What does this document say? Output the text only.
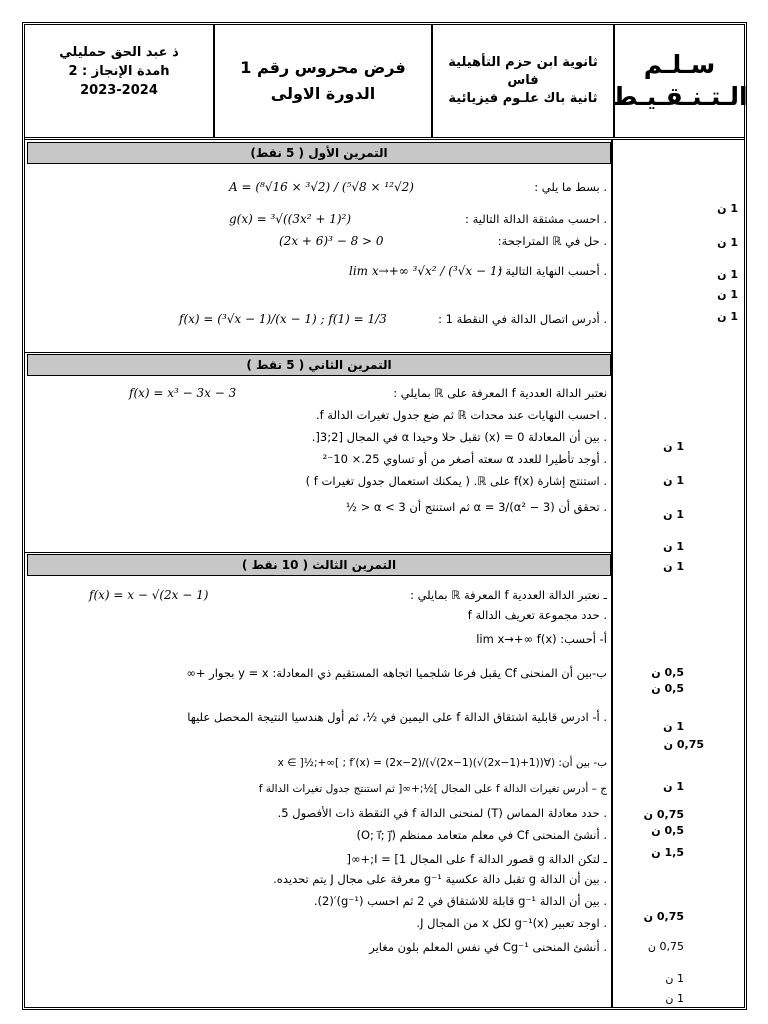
ذ عبد الحق حمليلي
مدة الإنجاز : 2h
2023-2024
فرض محروس رقم 1
الدورة الاولى
ثانوية ابن حزم التأهيلية
فاس
ثانية باك علـوم فيزيائية
سـلـم
الـتـنـقـيـط
التمرين الأول ( 5 نقط)
. بسط ما يلي :
A = (⁸√16 × ³√2) / (⁵√8 × ¹²√2)
. احسب مشتقة الدالة التالية :
g(x) = ³√((3x² + 1)²)
. حل في ℝ المتراجحة:
(2x + 6)³ − 8 > 0
. أحسب النهاية التالية :
lim x→+∞ ³√x² / (³√x − 1)
. أدرس اتصال الدالة في النقطة 1 :
f(x) = (³√x − 1)/(x − 1) ; f(1) = 1/3
التمرين الثاني ( 5 نقط )
نعتبر الدالة العددية f المعرفة على ℝ بمايلي :
f(x) = x³ − 3x − 3
. احسب النهايات عند محدات ℝ ثم ضع جدول تغيرات الدالة f.
. بين أن المعادلة 0 = (x) تقبل حلا وحيدا α في المجال [2;3[.
. أوجد تأطيرا للعدد α سعته أصغر من أو تساوي 25.× 10⁻²
. استنتج إشارة f(x) على ℝ. ( يمكنك استعمال جدول تغيرات f )
. تحقق أن α = 3/(α² − 3) ثم استنتج أن 3 > α < ½
التمرين الثالث ( 10 نقط )
ـ نعتبر الدالة العددية f المعرفة ℝ بمايلي :
f(x) = x − √(2x − 1)
. حدد مجموعة تعريف الدالة f
أ- أحسب: lim x→+∞ f(x)
ب-بين أن المنحنى Cf يقبل فرعا شلجميا اتجاهه المستقيم ذي المعادلة: y = x بجوار +∞
. أ- ادرس قابلية اشتقاق الدالة f على اليمين في ½، ثم أول هندسيا النتيجة المحصل عليها
ب- بين أن: (∀x ∈ ]½;+∞[ ; f′(x) = (2x−2)/(√(2x−1)(√(2x−1)+1))
ج – أدرس تغيرات الدالة f على المجال ]½;+∞[ ثم استنتج جدول تغيرات الدالة f
. حدد معادلة المماس (T) لمنحنى الدالة f في النقطة ذات الأفصول 5.
. أنشئ المنحنى Cf في معلم متعامد ممنظم (O; i⃗; j⃗)
ـ لتكن الدالة g قصور الدالة f على المجال I = [1;+∞[
. بين أن الدالة g تقبل دالة عكسية g⁻¹ معرفة على مجال J يتم تحديده.
. بين أن الدالة g⁻¹ قابلة للاشتقاق في 2 ثم احسب (g⁻¹)′(2).
. اوجد تعبير g⁻¹(x) لكل x من المجال J.
. أنشئ المنحنى Cg⁻¹ في نفس المعلم بلون مغاير
1 ن
1 ن
1 ن
1 ن
1 ن
1 ن
1 ن
1 ن
1 ن
1 ن
0,5 ن
0,5 ن
1 ن
0,75 ن
1 ن
0,75 ن
0,5 ن
1,5 ن
0,75 ن
0,75 ن
1 ن
1 ن
